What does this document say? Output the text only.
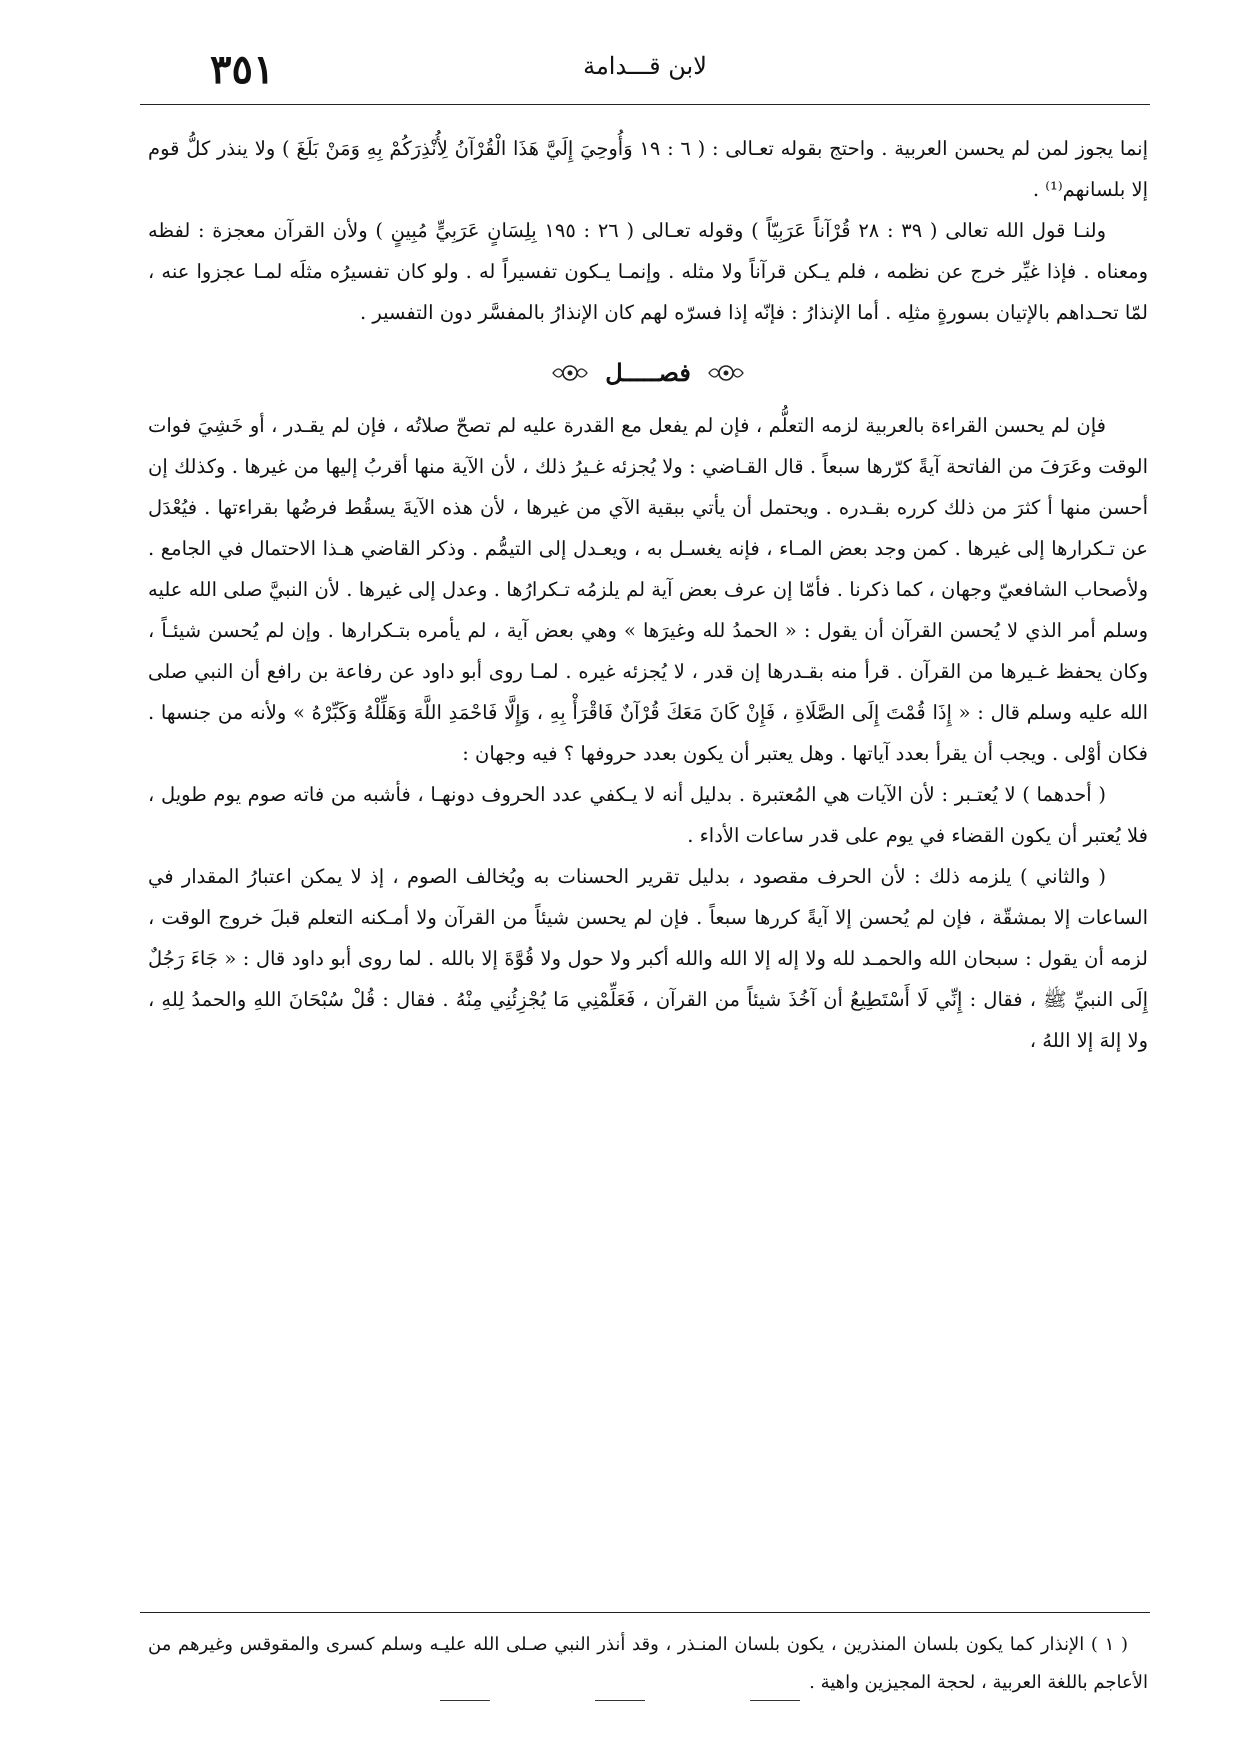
٣٥١	لابن قـــدامة

إنما يجوز لمن لم يحسن العربية . واحتج بقوله تعـالى : ( ٦ : ١٩ وَأُوحِيَ إِلَيَّ هَذَا الْقُرْآنُ لِأُنْذِرَكُمْ بِهِ وَمَنْ بَلَغَ ) ولا ينذر كلُّ قوم إلا بلسانهم⁽¹⁾ .

ولنـا قول الله تعالى ( ٣٩ : ٢٨ قُرْآناً عَرَبِيّاً ) وقوله تعـالى ( ٢٦ : ١٩٥ بِلِسَانٍ عَرَبِيٍّ مُبِينٍ ) ولأن القرآن معجزة : لفظه ومعناه . فإذا غيِّر خرج عن نظمه ، فلم يـكن قرآناً ولا مثله . وإنمـا يـكون تفسيراً له . ولو كان تفسيرُه مثلَه لمـا عجزوا عنه ، لمّا تحـداهم بالإتيان بسورةٍ مثلِه . أما الإنذارُ : فإنّه إذا فسرّه لهم كان الإنذارُ بالمفسَّر دون التفسير .

فصـــــل

فإن لم يحسن القراءة بالعربية لزمه التعلُّم ، فإن لم يفعل مع القدرة عليه لم تصحّ صلاتُه ، فإن لم يقـدر ، أو خَشِيَ فوات الوقت وعَرَفَ من الفاتحة آيةً كرّرها سبعاً . قال القـاضي : ولا يُجزئه غـيرُ ذلك ، لأن الآية منها أقربُ إليها من غيرها . وكذلك إن أحسن منها أ كثرَ من ذلك كرره بقـدره . ويحتمل أن يأتي ببقية الآي من غيرها ، لأن هذه الآيةَ يسقُط فرضُها بقراءتها . فيُعْدَل عن تـكرارها إلى غيرها . كمن وجد بعض المـاء ، فإنه يغسـل به ، ويعـدل إلى التيمُّم . وذكر القاضي هـذا الاحتمال في الجامع . ولأصحاب الشافعيّ وجهان ، كما ذكرنا . فأمّا إن عرف بعض آية لم يلزمُه تـكرارُها . وعدل إلى غيرها . لأن النبيَّ صلى الله عليه وسلم أمر الذي لا يُحسن القرآن أن يقول : « الحمدُ لله وغيرَها » وهي بعض آية ، لم يأمره بتـكرارها . وإن لم يُحسن شيئـاً ، وكان يحفظ غـيرها من القرآن . قرأ منه بقـدرها إن قدر ، لا يُجزئه غيره . لمـا روى أبو داود عن رفاعة بن رافع أن النبي صلى الله عليه وسلم قال : « إِذَا قُمْتَ إِلَى الصَّلَاةِ ، فَإِنْ كَانَ مَعَكَ قُرْآنٌ فَاقْرَأْ بِهِ ، وَإِلَّا فَاحْمَدِ اللَّهَ وَهَلِّلْهُ وَكَبِّرْهُ » ولأنه من جنسها . فكان أوْلى . ويجب أن يقرأ بعدد آياتها . وهل يعتبر أن يكون بعدد حروفها ؟ فيه وجهان :

( أحدهما ) لا يُعتـبر : لأن الآيات هي المُعتبرة . بدليل أنه لا يـكفي عدد الحروف دونهـا ، فأشبه من فاته صوم يوم طويل ، فلا يُعتبر أن يكون القضاء في يوم على قدر ساعات الأداء .

( والثاني ) يلزمه ذلك : لأن الحرف مقصود ، بدليل تقرير الحسنات به ويُخالف الصوم ، إذ لا يمكن اعتبارُ المقدار في الساعات إلا بمشقّة ، فإن لم يُحسن إلا آيةً كررها سبعاً . فإن لم يحسن شيئاً من القرآن ولا أمـكنه التعلم قبلَ خروج الوقت ، لزمه أن يقول : سبحان الله والحمـد لله ولا إله إلا الله والله أكبر ولا حول ولا قُوَّةَ إلا بالله . لما روى أبو داود قال : « جَاءَ رَجُلٌ إِلَى النبيِّ ﷺ ، فقال : إِنِّي لَا أَسْتَطِيعُ أن آخُذَ شيئاً من القرآن ، فَعَلِّمْنِي مَا يُجْزِئُنِي مِنْهُ . فقال : قُلْ سُبْحَانَ اللهِ والحمدُ لِلهِ ، ولا إلهَ إلا اللهُ ،

( ١ ) الإنذار كما يكون بلسان المنذرين ، يكون بلسان المنـذر ، وقد أنذر النبي صـلى الله عليـه وسلم كسرى والمقوقس وغيرهم من الأعاجم باللغة العربية ، لحجة المجيزين واهية .
